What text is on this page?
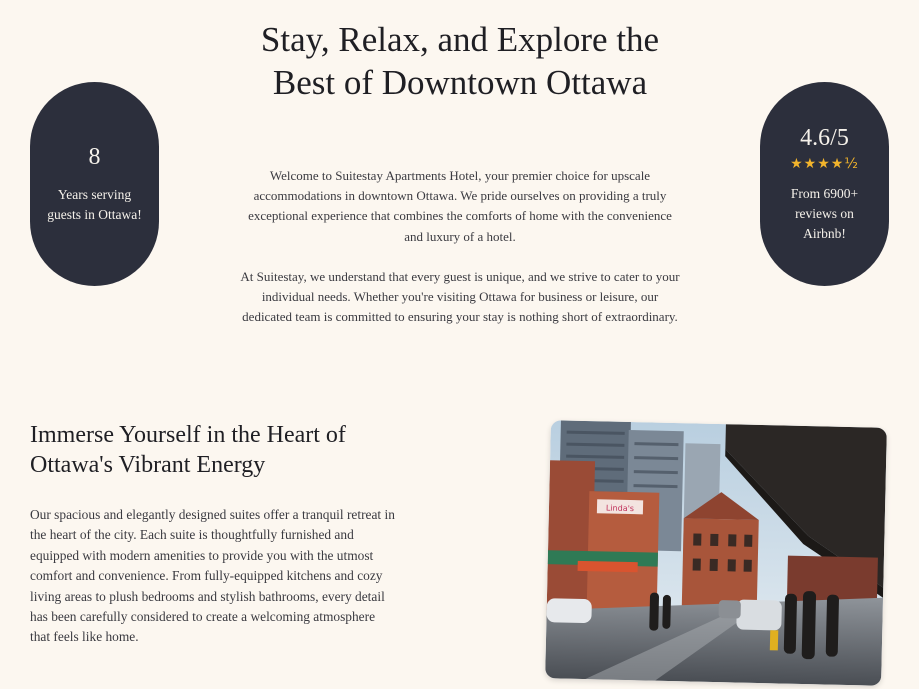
8
Years serving guests in Ottawa!
Stay, Relax, and Explore the Best of Downtown Ottawa

Welcome to Suitestay Apartments Hotel, your premier choice for upscale accommodations in downtown Ottawa. We pride ourselves on providing a truly exceptional experience that combines the comforts of home with the convenience and luxury of a hotel.

At Suitestay, we understand that every guest is unique, and we strive to cater to your individual needs. Whether you're visiting Ottawa for business or leisure, our dedicated team is committed to ensuring your stay is nothing short of extraordinary.

4.6/5
★★★★½
From 6900+ reviews on Airbnb!
Immerse Yourself in the Heart of Ottawa's Vibrant Energy

Our spacious and elegantly designed suites offer a tranquil retreat in the heart of the city. Each suite is thoughtfully furnished and equipped with modern amenities to provide you with the utmost comfort and convenience. From fully-equipped kitchens and cozy living areas to plush bedrooms and stylish bathrooms, every detail has been carefully considered to create a welcoming atmosphere that feels like home.

Linda's
